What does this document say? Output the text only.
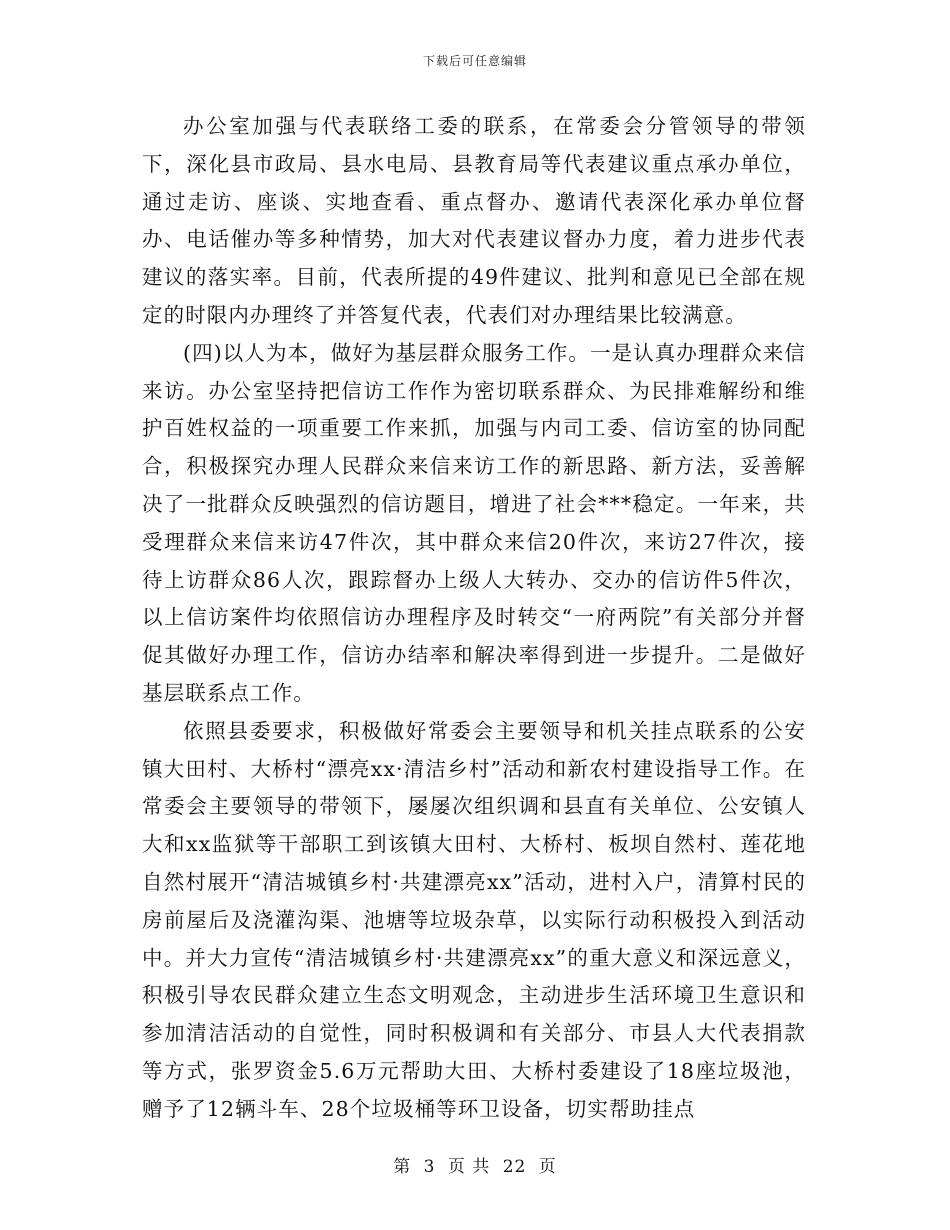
下载后可任意编辑

办公室加强与代表联络工委的联系，在常委会分管领导的带领下，深化县市政局、县水电局、县教育局等代表建议重点承办单位，通过走访、座谈、实地查看、重点督办、邀请代表深化承办单位督办、电话催办等多种情势，加大对代表建议督办力度，着力进步代表建议的落实率。目前，代表所提的49件建议、批判和意见已全部在规定的时限内办理终了并答复代表，代表们对办理结果比较满意。

(四)以人为本，做好为基层群众服务工作。一是认真办理群众来信来访。办公室坚持把信访工作作为密切联系群众、为民排难解纷和维护百姓权益的一项重要工作来抓，加强与内司工委、信访室的协同配合，积极探究办理人民群众来信来访工作的新思路、新方法，妥善解决了一批群众反映强烈的信访题目，增进了社会***稳定。一年来，共受理群众来信来访47件次，其中群众来信20件次，来访27件次，接待上访群众86人次，跟踪督办上级人大转办、交办的信访件5件次，以上信访案件均依照信访办理程序及时转交“一府两院”有关部分并督促其做好办理工作，信访办结率和解决率得到进一步提升。二是做好基层联系点工作。

依照县委要求，积极做好常委会主要领导和机关挂点联系的公安镇大田村、大桥村“漂亮xx·清洁乡村”活动和新农村建设指导工作。在常委会主要领导的带领下，屡屡次组织调和县直有关单位、公安镇人大和xx监狱等干部职工到该镇大田村、大桥村、板坝自然村、莲花地自然村展开“清洁城镇乡村·共建漂亮xx”活动，进村入户，清算村民的房前屋后及浇灌沟渠、池塘等垃圾杂草，以实际行动积极投入到活动中。并大力宣传“清洁城镇乡村·共建漂亮xx”的重大意义和深远意义，积极引导农民群众建立生态文明观念，主动进步生活环境卫生意识和参加清洁活动的自觉性，同时积极调和有关部分、市县人大代表捐款等方式，张罗资金5.6万元帮助大田、大桥村委建设了18座垃圾池，赠予了12辆斗车、28个垃圾桶等环卫设备，切实帮助挂点

第 3 页 共 22 页
